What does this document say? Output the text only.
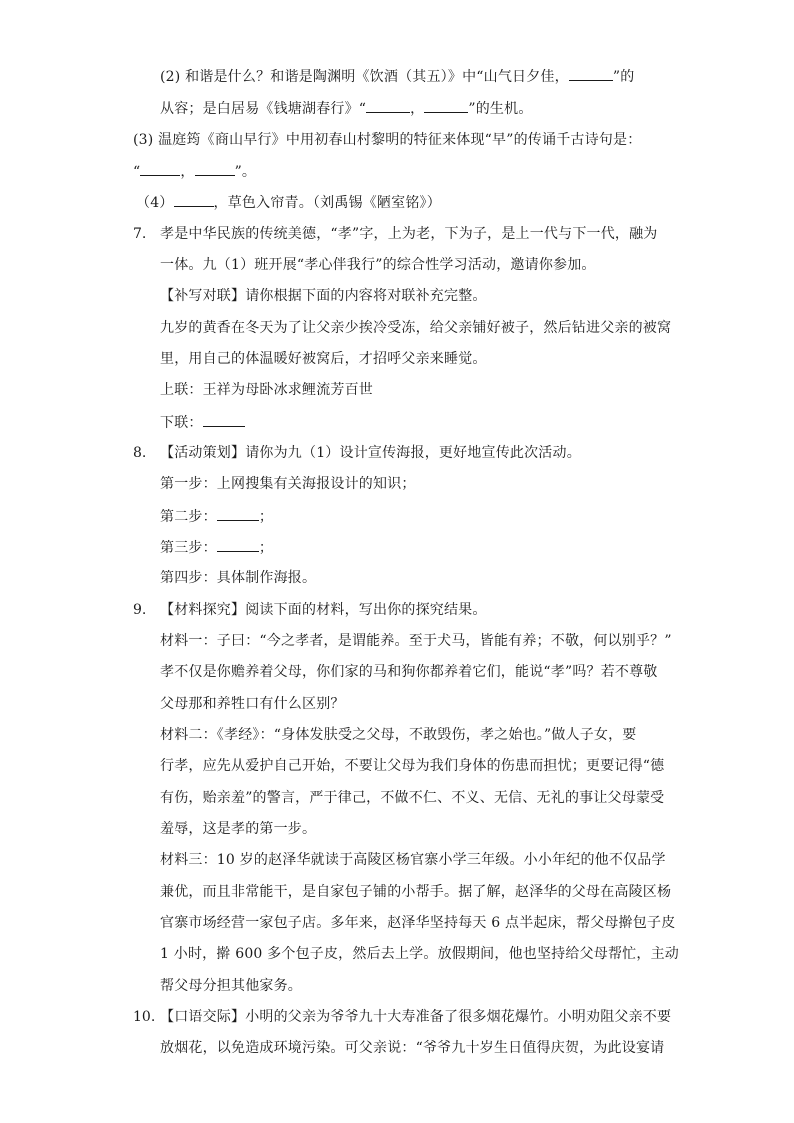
(2) 和谐是什么？和谐是陶渊明《饮酒（其五）》中“山气日夕佳，	”的
从容；是白居易《钱塘湖春行》“	，	”的生机。
(3) 温庭筠《商山早行》中用初春山村黎明的特征来体现“早”的传诵千古诗句是：
“	，	”。
（4）	，草色入帘青。（刘禹锡《陋室铭》）
7. 孝是中华民族的传统美德，“孝”字，上为老，下为子，是上一代与下一代，融为
一体。九（1）班开展“孝心伴我行”的综合性学习活动，邀请你参加。
【补写对联】请你根据下面的内容将对联补充完整。
九岁的黄香在冬天为了让父亲少挨冷受冻，给父亲铺好被子，然后钻进父亲的被窝
里，用自己的体温暖好被窝后，才招呼父亲来睡觉。
上联：王祥为母卧冰求鲤流芳百世
下联：
8. 【活动策划】请你为九（1）设计宣传海报，更好地宣传此次活动。
第一步：上网搜集有关海报设计的知识；
第二步：	；
第三步：	；
第四步：具体制作海报。
9. 【材料探究】阅读下面的材料，写出你的探究结果。
材料一：子曰：“今之孝者，是谓能养。至于犬马，皆能有养；不敬，何以别乎？”
孝不仅是你赡养着父母，你们家的马和狗你都养着它们，能说“孝”吗？若不尊敬
父母那和养牲口有什么区别？
材料二：《孝经》：“身体发肤受之父母，不敢毁伤，孝之始也。”做人子女，要
行孝，应先从爱护自己开始，不要让父母为我们身体的伤患而担忧；更要记得“德
有伤，贻亲羞”的警言，严于律己，不做不仁、不义、无信、无礼的事让父母蒙受
羞辱，这是孝的第一步。
材料三：10 岁的赵泽华就读于高陵区杨官寨小学三年级。小小年纪的他不仅品学
兼优，而且非常能干，是自家包子铺的小帮手。据了解，赵泽华的父母在高陵区杨
官寨市场经营一家包子店。多年来，赵泽华坚持每天 6 点半起床，帮父母擀包子皮
1 小时，擀 600 多个包子皮，然后去上学。放假期间，他也坚持给父母帮忙，主动
帮父母分担其他家务。
10. 【口语交际】小明的父亲为爷爷九十大寿准备了很多烟花爆竹。小明劝阻父亲不要
放烟花，以免造成环境污染。可父亲说：“爷爷九十岁生日值得庆贺，为此设宴请
